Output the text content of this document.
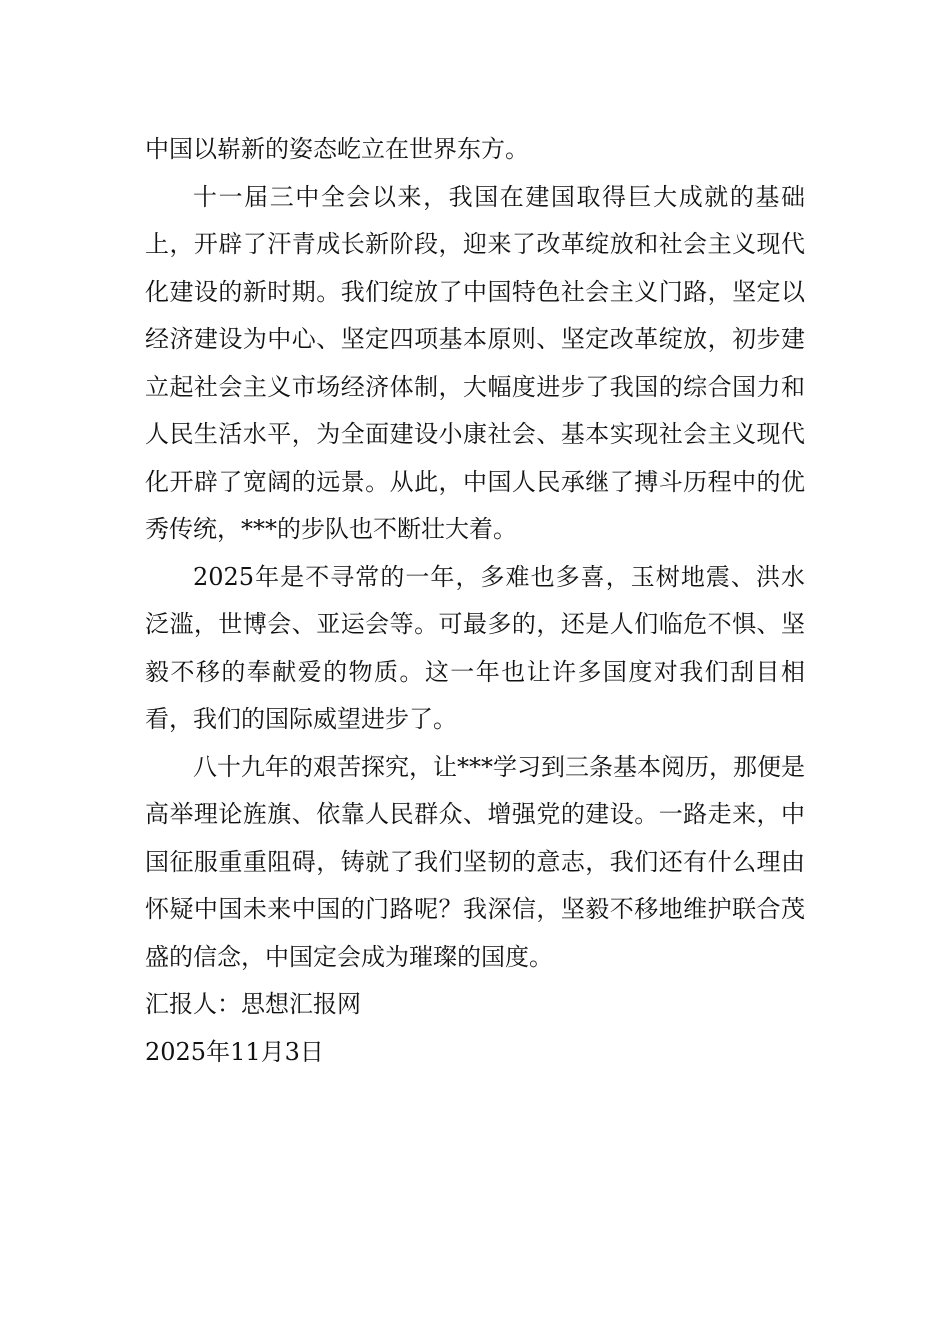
中国以崭新的姿态屹立在世界东方。

十一届三中全会以来，我国在建国取得巨大成就的基础上，开辟了汗青成长新阶段，迎来了改革绽放和社会主义现代化建设的新时期。我们绽放了中国特色社会主义门路，坚定以经济建设为中心、坚定四项基本原则、坚定改革绽放，初步建立起社会主义市场经济体制，大幅度进步了我国的综合国力和人民生活水平，为全面建设小康社会、基本实现社会主义现代化开辟了宽阔的远景。从此，中国人民承继了搏斗历程中的优秀传统，***的步队也不断壮大着。

2025年是不寻常的一年，多难也多喜，玉树地震、洪水泛滥，世博会、亚运会等。可最多的，还是人们临危不惧、坚毅不移的奉献爱的物质。这一年也让许多国度对我们刮目相看，我们的国际威望进步了。

八十九年的艰苦探究，让***学习到三条基本阅历，那便是高举理论旌旗、依靠人民群众、增强党的建设。一路走来，中国征服重重阻碍，铸就了我们坚韧的意志，我们还有什么理由怀疑中国未来中国的门路呢？我深信，坚毅不移地维护联合茂盛的信念，中国定会成为璀璨的国度。

汇报人：思想汇报网

2025年11月3日
